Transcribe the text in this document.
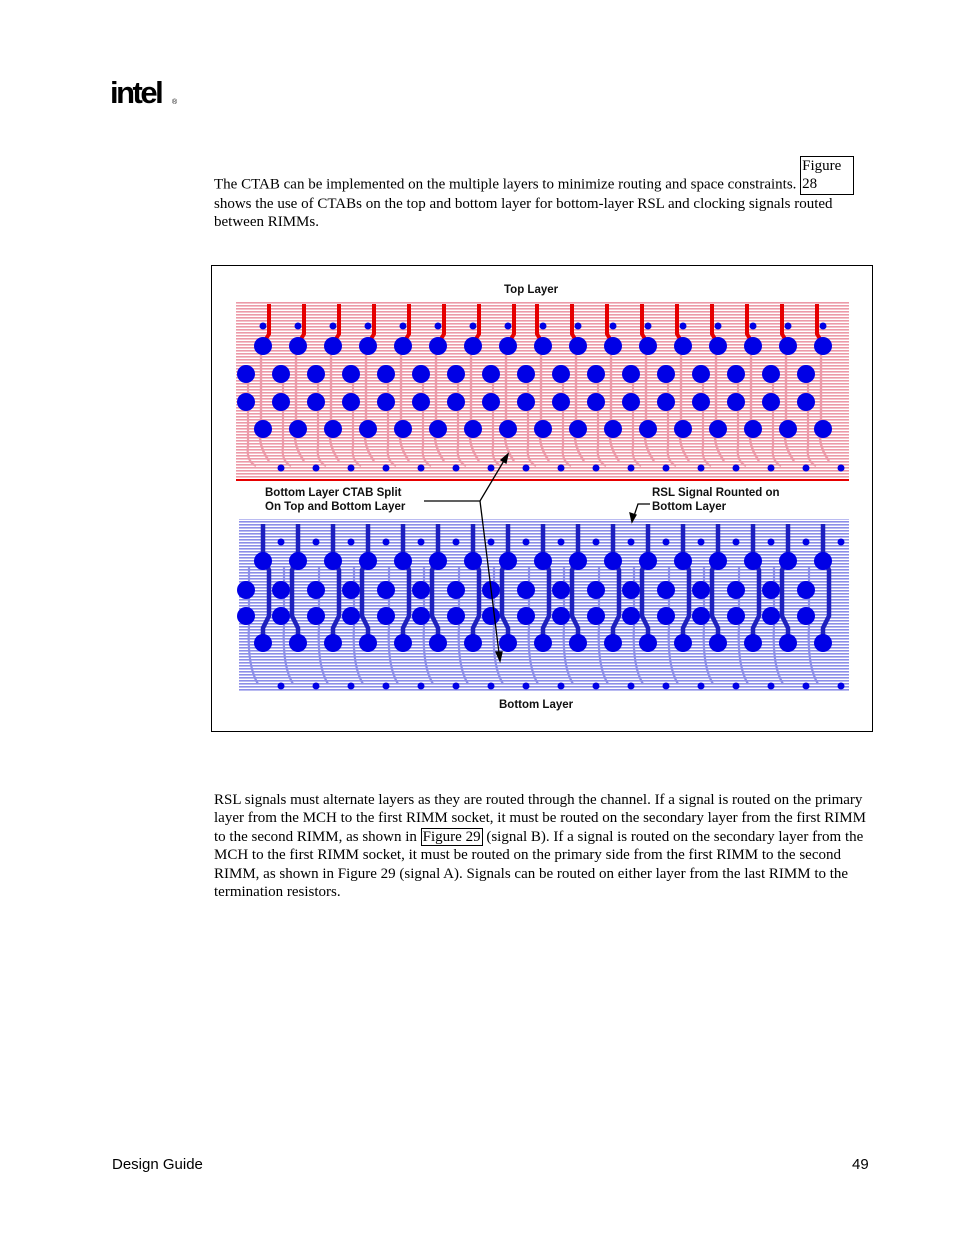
intel ®
The CTAB can be implemented on the multiple layers to minimize routing and space constraints. Figure 28 shows the use of CTABs on the top and bottom layer for bottom-layer RSL and clocking signals routed between RIMMs.
Top Layer
Bottom Layer CTAB Split
On Top and Bottom Layer
RSL Signal Rounted on
Bottom Layer
Bottom Layer
RSL signals must alternate layers as they are routed through the channel. If a signal is routed on the primary layer from the MCH to the first RIMM socket, it must be routed on the secondary layer from the first RIMM to the second RIMM, as shown in Figure 29 (signal B). If a signal is routed on the secondary layer from the MCH to the first RIMM socket, it must be routed on the primary side from the first RIMM to the second RIMM, as shown in Figure 29 (signal A). Signals can be routed on either layer from the last RIMM to the termination resistors.
Design Guide	49
